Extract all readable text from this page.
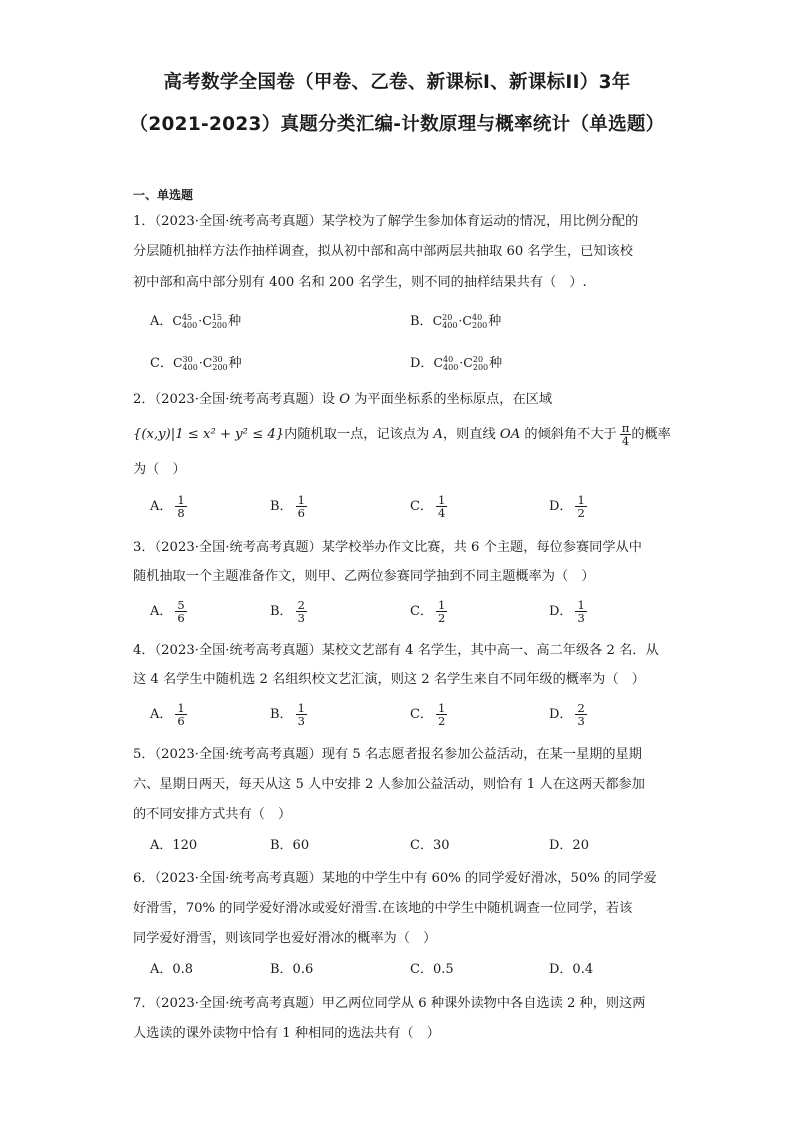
高考数学全国卷（甲卷、乙卷、新课标Ⅰ、新课标II）3年
（2021-2023）真题分类汇编-计数原理与概率统计（单选题）
一、单选题
1．（2023·全国·统考高考真题）某学校为了解学生参加体育运动的情况，用比例分配的
分层随机抽样方法作抽样调查，拟从初中部和高中部两层共抽取 60 名学生，已知该校
初中部和高中部分别有 400 名和 200 名学生，则不同的抽样结果共有（　）.
A．C 45
400 ·C 15
200 种	B．C 20
400 ·C 40
200 种
C．C 30
400 ·C 30
200 种	D．C 40
400 ·C 20
200 种
2．（2023·全国·统考高考真题）设 O 为平面坐标系的坐标原点，在区域
{(x,y)|1 ≤ x² + y² ≤ 4}内随机取一点，记该点为 A，则直线 OA 的倾斜角不大于 $\frac{\pi}{4}$ 的概率
为（　）
A． $\frac{1}{8}$	B． $\frac{1}{6}$	C． $\frac{1}{4}$	D． $\frac{1}{2}$
3．（2023·全国·统考高考真题）某学校举办作文比赛，共 6 个主题，每位参赛同学从中
随机抽取一个主题准备作文，则甲、乙两位参赛同学抽到不同主题概率为（　）
A． $\frac{5}{6}$	B． $\frac{2}{3}$	C． $\frac{1}{2}$	D． $\frac{1}{3}$
4．（2023·全国·统考高考真题）某校文艺部有 4 名学生，其中高一、高二年级各 2 名．从
这 4 名学生中随机选 2 名组织校文艺汇演，则这 2 名学生来自不同年级的概率为（　）
A． $\frac{1}{6}$	B． $\frac{1}{3}$	C． $\frac{1}{2}$	D． $\frac{2}{3}$
5．（2023·全国·统考高考真题）现有 5 名志愿者报名参加公益活动，在某一星期的星期
六、星期日两天，每天从这 5 人中安排 2 人参加公益活动，则恰有 1 人在这两天都参加
的不同安排方式共有（　）
A．120	B．60	C．30	D．20
6．（2023·全国·统考高考真题）某地的中学生中有 60% 的同学爱好滑冰，50% 的同学爱
好滑雪，70% 的同学爱好滑冰或爱好滑雪.在该地的中学生中随机调查一位同学，若该
同学爱好滑雪，则该同学也爱好滑冰的概率为（　）
A．0.8	B．0.6	C．0.5	D．0.4
7．（2023·全国·统考高考真题）甲乙两位同学从 6 种课外读物中各自选读 2 种，则这两
人选读的课外读物中恰有 1 种相同的选法共有（　）
